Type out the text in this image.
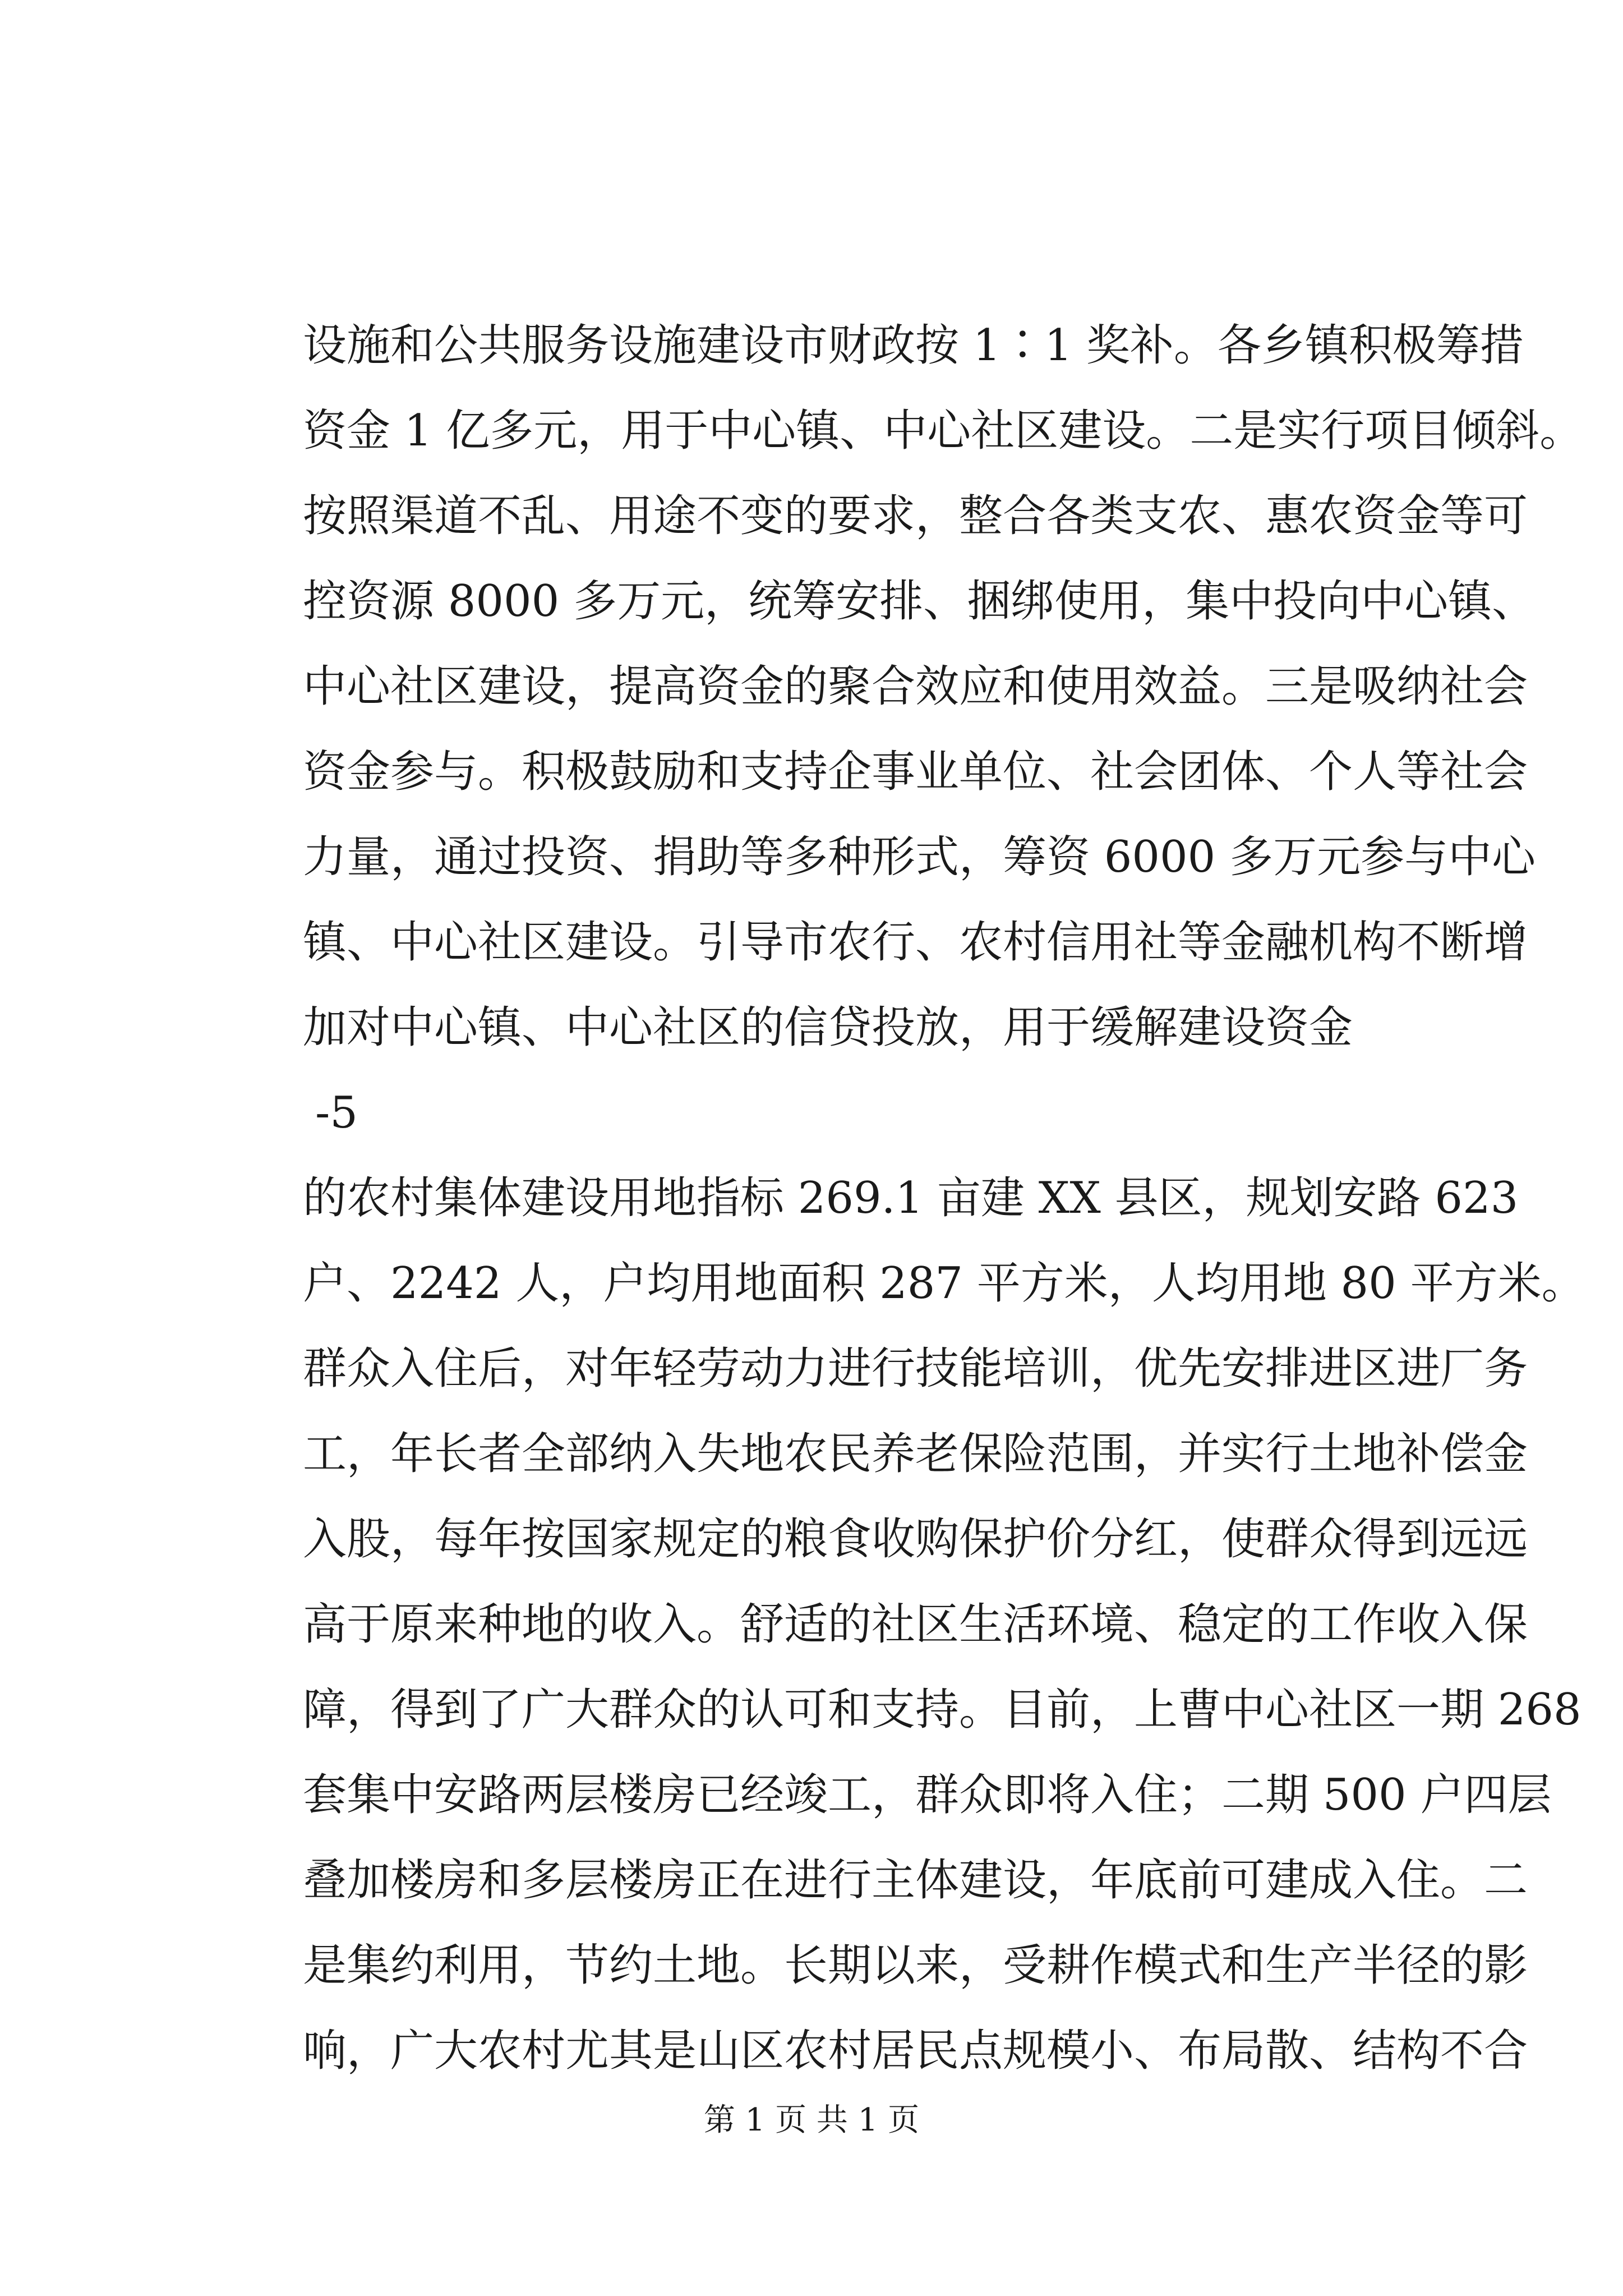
设施和公共服务设施建设市财政按 1∶1 奖补。各乡镇积极筹措
资金 1 亿多元，用于中心镇、中心社区建设。二是实行项目倾斜。
按照渠道不乱、用途不变的要求，整合各类支农、惠农资金等可
控资源 8000 多万元，统筹安排、捆绑使用，集中投向中心镇、
中心社区建设，提高资金的聚合效应和使用效益。三是吸纳社会
资金参与。积极鼓励和支持企事业单位、社会团体、个人等社会
力量，通过投资、捐助等多种形式，筹资 6000 多万元参与中心
镇、中心社区建设。引导市农行、农村信用社等金融机构不断增
加对中心镇、中心社区的信贷投放，用于缓解建设资金
-5
的农村集体建设用地指标 269.1 亩建 XX 县区，规划安路 623
户、2242 人，户均用地面积 287 平方米，人均用地 80 平方米。
群众入住后，对年轻劳动力进行技能培训，优先安排进区进厂务
工，年长者全部纳入失地农民养老保险范围，并实行土地补偿金
入股，每年按国家规定的粮食收购保护价分红，使群众得到远远
高于原来种地的收入。舒适的社区生活环境、稳定的工作收入保
障，得到了广大群众的认可和支持。目前，上曹中心社区一期 268
套集中安路两层楼房已经竣工，群众即将入住；二期 500 户四层
叠加楼房和多层楼房正在进行主体建设，年底前可建成入住。二
是集约利用，节约土地。长期以来，受耕作模式和生产半径的影
响，广大农村尤其是山区农村居民点规模小、布局散、结构不合
第 1 页 共 1 页
